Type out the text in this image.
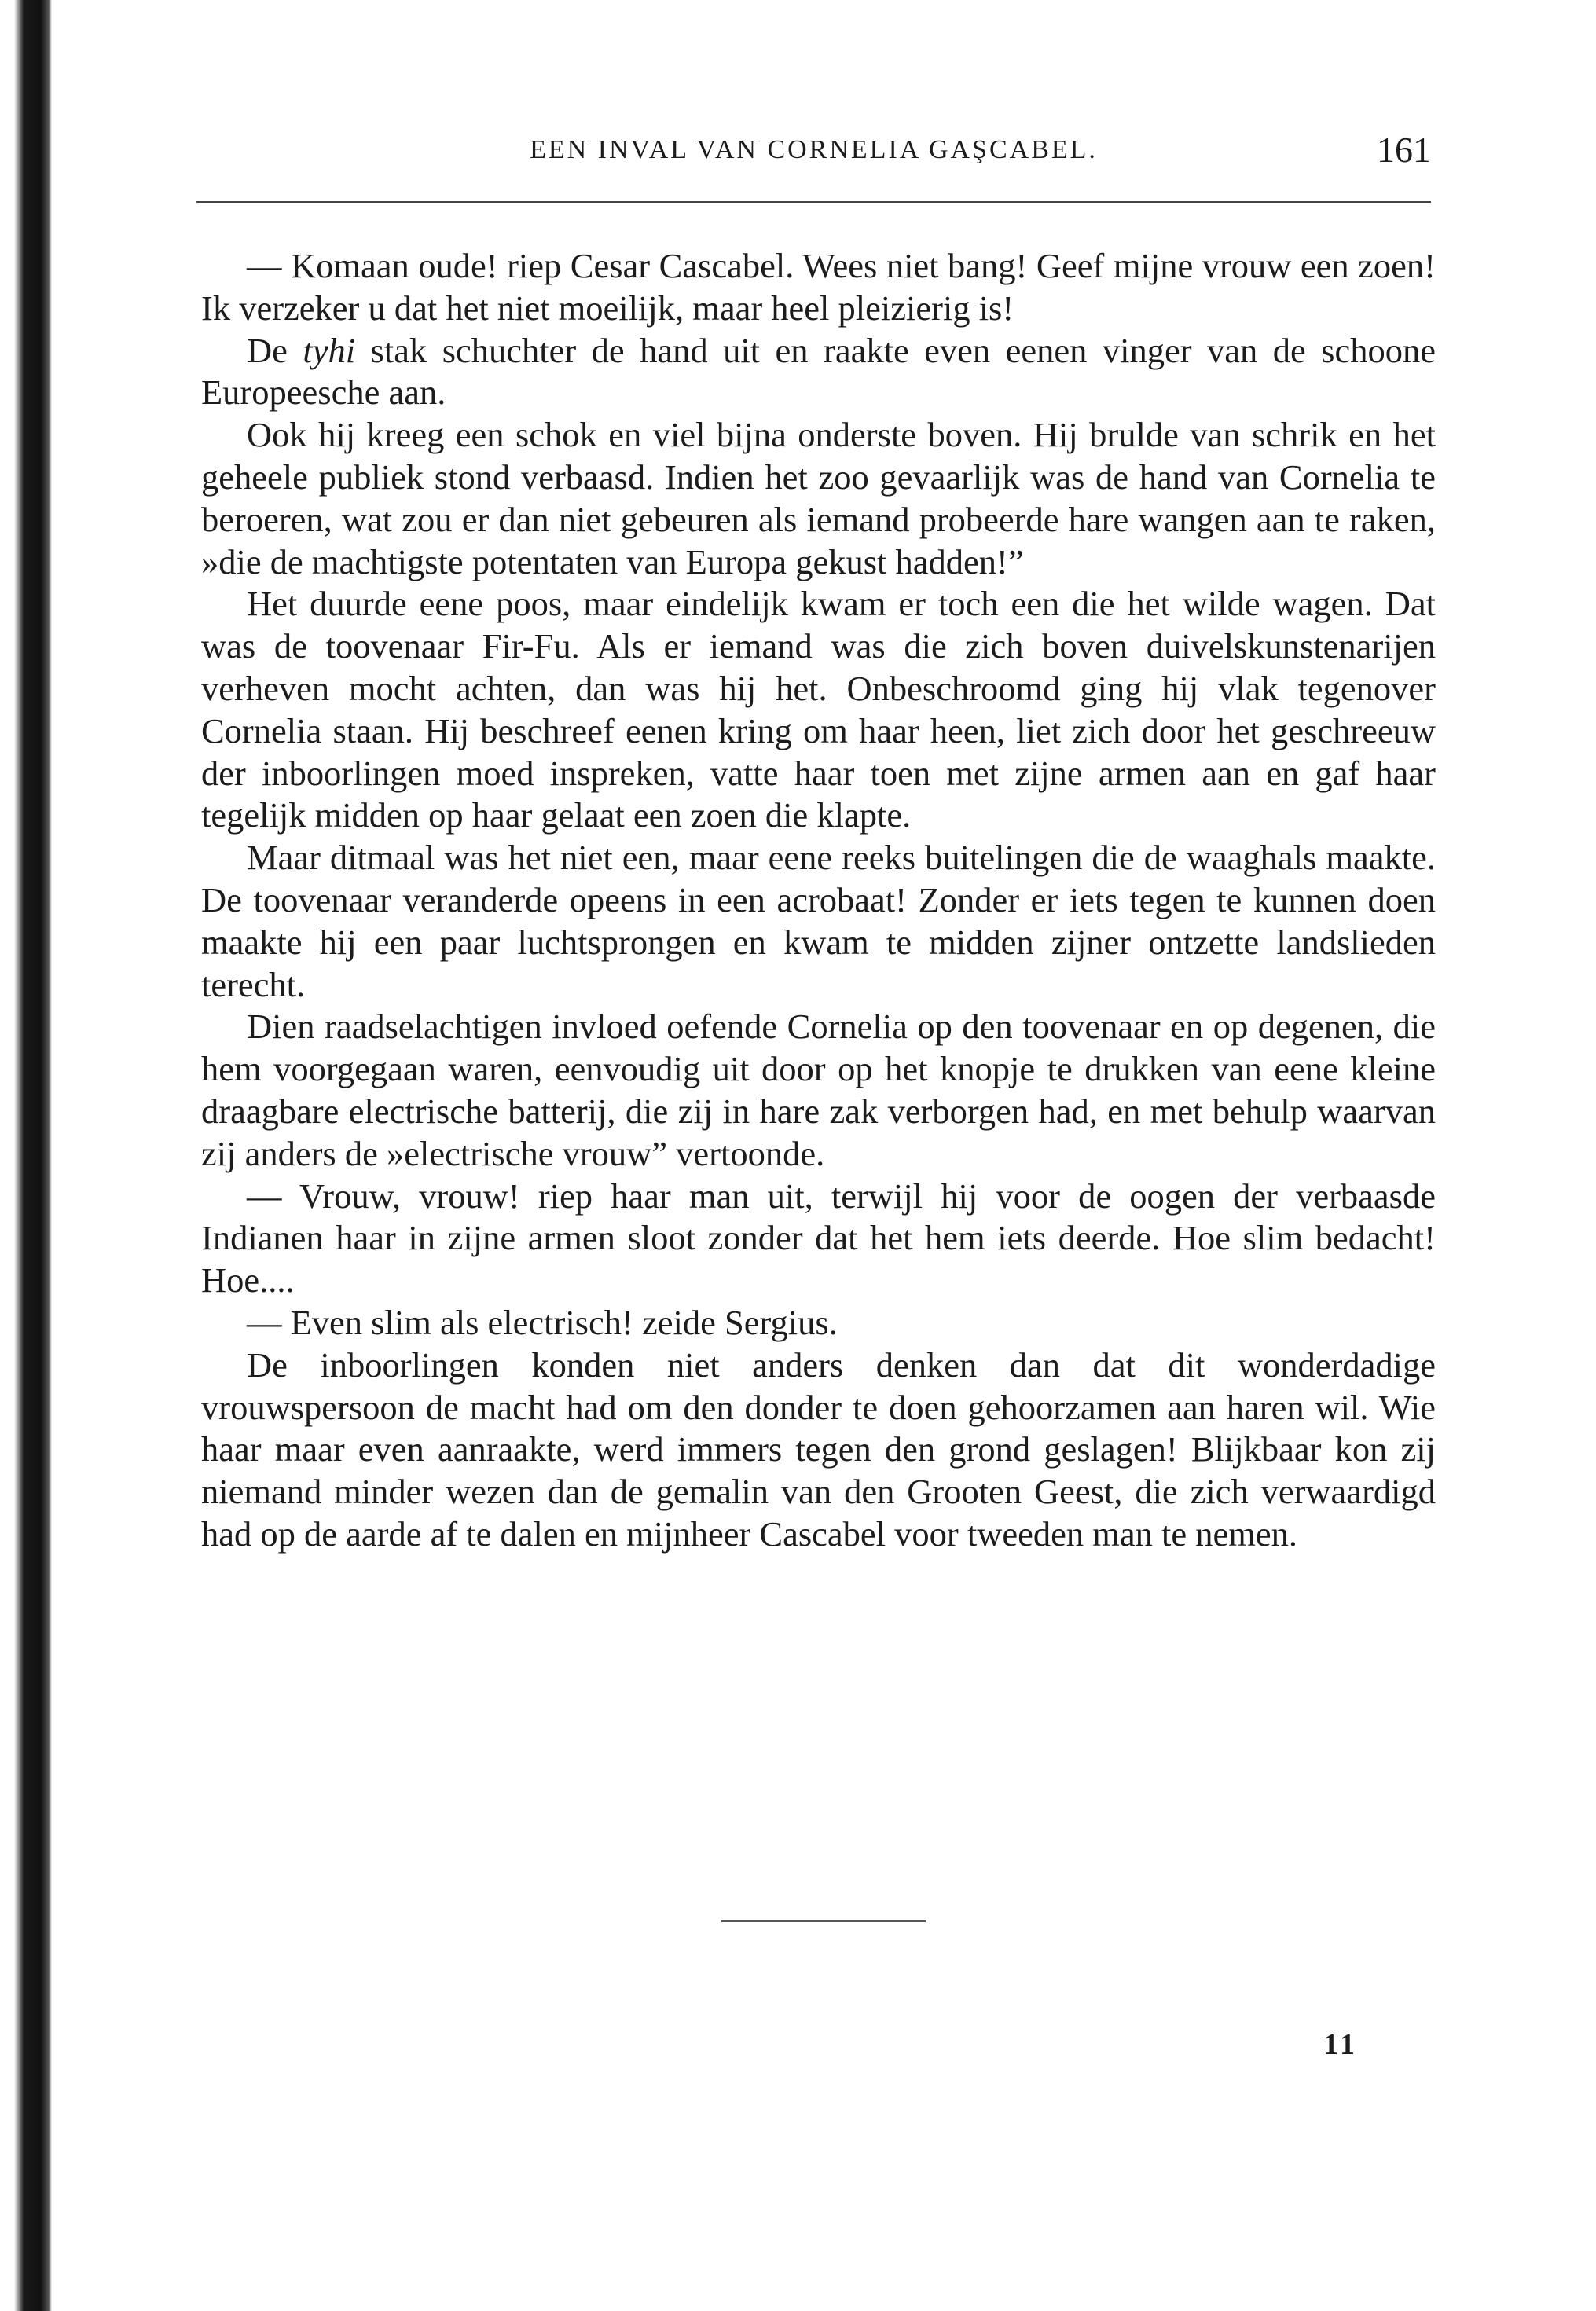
EEN INVAL VAN CORNELIA GAŞCABEL.	161

— Komaan oude! riep Cesar Cascabel. Wees niet bang! Geef mijne vrouw een zoen! Ik verzeker u dat het niet moeilijk, maar heel pleizierig is!

De tyhi stak schuchter de hand uit en raakte even eenen vinger van de schoone Europeesche aan.

Ook hij kreeg een schok en viel bijna onderste boven. Hij brulde van schrik en het geheele publiek stond verbaasd. Indien het zoo gevaarlijk was de hand van Cornelia te beroeren, wat zou er dan niet gebeuren als iemand probeerde hare wangen aan te raken, »die de machtigste potentaten van Europa gekust hadden!”

Het duurde eene poos, maar eindelijk kwam er toch een die het wilde wagen. Dat was de toovenaar Fir-Fu. Als er iemand was die zich boven duivelskunstenarijen verheven mocht achten, dan was hij het. Onbeschroomd ging hij vlak tegenover Cornelia staan. Hij beschreef eenen kring om haar heen, liet zich door het geschreeuw der inboorlingen moed inspreken, vatte haar toen met zijne armen aan en gaf haar tegelijk midden op haar gelaat een zoen die klapte.

Maar ditmaal was het niet een, maar eene reeks buitelingen die de waaghals maakte. De toovenaar veranderde opeens in een acrobaat! Zonder er iets tegen te kunnen doen maakte hij een paar luchtsprongen en kwam te midden zijner ontzette landslieden terecht.

Dien raadselachtigen invloed oefende Cornelia op den toovenaar en op degenen, die hem voorgegaan waren, eenvoudig uit door op het knopje te drukken van eene kleine draagbare electrische batterij, die zij in hare zak verborgen had, en met behulp waarvan zij anders de »electrische vrouw” vertoonde.

— Vrouw, vrouw! riep haar man uit, terwijl hij voor de oogen der verbaasde Indianen haar in zijne armen sloot zonder dat het hem iets deerde. Hoe slim bedacht! Hoe....

— Even slim als electrisch! zeide Sergius.

De inboorlingen konden niet anders denken dan dat dit wonderdadige vrouwspersoon de macht had om den donder te doen gehoorzamen aan haren wil. Wie haar maar even aanraakte, werd immers tegen den grond geslagen! Blijkbaar kon zij niemand minder wezen dan de gemalin van den Grooten Geest, die zich verwaardigd had op de aarde af te dalen en mijnheer Cascabel voor tweeden man te nemen.

11
